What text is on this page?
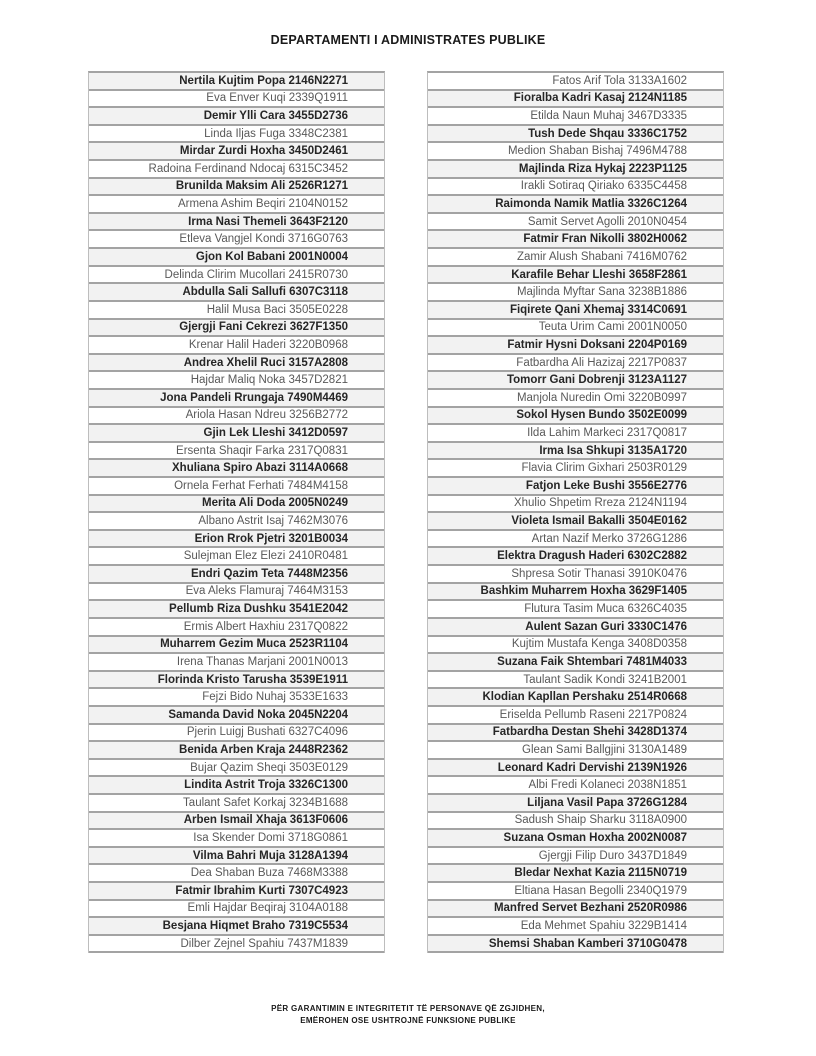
DEPARTAMENTI I ADMINISTRATES PUBLIKE
Nertila Kujtim Popa 2146N2271
Eva Enver Kuqi 2339Q1911
Demir Ylli Cara 3455D2736
Linda Iljas Fuga 3348C2381
Mirdar Zurdi Hoxha 3450D2461
Radoina Ferdinand Ndocaj 6315C3452
Brunilda Maksim Ali 2526R1271
Armena Ashim Beqiri 2104N0152
Irma Nasi Themeli 3643F2120
Etleva Vangjel Kondi 3716G0763
Gjon Kol Babani 2001N0004
Delinda Clirim Mucollari 2415R0730
Abdulla Sali Sallufi 6307C3118
Halil Musa Baci 3505E0228
Gjergji Fani Cekrezi 3627F1350
Krenar Halil Haderi 3220B0968
Andrea Xhelil Ruci 3157A2808
Hajdar Maliq Noka 3457D2821
Jona Pandeli Rrungaja 7490M4469
Ariola Hasan Ndreu 3256B2772
Gjin Lek Lleshi 3412D0597
Ersenta Shaqir Farka 2317Q0831
Xhuliana Spiro Abazi 3114A0668
Ornela Ferhat Ferhati 7484M4158
Merita Ali Doda 2005N0249
Albano Astrit Isaj 7462M3076
Erion Rrok Pjetri 3201B0034
Sulejman Elez Elezi 2410R0481
Endri Qazim Teta 7448M2356
Eva Aleks Flamuraj 7464M3153
Pellumb Riza Dushku 3541E2042
Ermis Albert Haxhiu 2317Q0822
Muharrem Gezim Muca 2523R1104
Irena Thanas Marjani 2001N0013
Florinda Kristo Tarusha 3539E1911
Fejzi Bido Nuhaj 3533E1633
Samanda David Noka 2045N2204
Pjerin Luigj Bushati 6327C4096
Benida Arben Kraja 2448R2362
Bujar Qazim Sheqi 3503E0129
Lindita Astrit Troja 3326C1300
Taulant Safet Korkaj 3234B1688
Arben Ismail Xhaja 3613F0606
Isa Skender Domi 3718G0861
Vilma Bahri Muja 3128A1394
Dea Shaban Buza 7468M3388
Fatmir Ibrahim Kurti 7307C4923
Emli Hajdar Beqiraj 3104A0188
Besjana Hiqmet Braho 7319C5534
Dilber Zejnel Spahiu 7437M1839
Fatos Arif Tola 3133A1602
Fioralba Kadri Kasaj 2124N1185
Etilda Naun Muhaj 3467D3335
Tush Dede Shqau 3336C1752
Medion Shaban Bishaj 7496M4788
Majlinda Riza Hykaj 2223P1125
Irakli Sotiraq Qiriako 6335C4458
Raimonda Namik Matlia 3326C1264
Samit Servet Agolli 2010N0454
Fatmir Fran Nikolli 3802H0062
Zamir Alush Shabani 7416M0762
Karafile Behar Lleshi 3658F2861
Majlinda Myftar Sana 3238B1886
Fiqirete Qani Xhemaj 3314C0691
Teuta Urim Cami 2001N0050
Fatmir Hysni Doksani 2204P0169
Fatbardha Ali Hazizaj 2217P0837
Tomorr Gani Dobrenji 3123A1127
Manjola Nuredin Omi 3220B0997
Sokol Hysen Bundo 3502E0099
Ilda Lahim Markeci 2317Q0817
Irma Isa Shkupi 3135A1720
Flavia Clirim Gixhari 2503R0129
Fatjon Leke Bushi 3556E2776
Xhulio Shpetim Rreza 2124N1194
Violeta Ismail Bakalli 3504E0162
Artan Nazif Merko 3726G1286
Elektra Dragush Haderi 6302C2882
Shpresa Sotir Thanasi 3910K0476
Bashkim Muharrem Hoxha 3629F1405
Flutura Tasim Muca 6326C4035
Aulent Sazan Guri 3330C1476
Kujtim Mustafa Kenga 3408D0358
Suzana Faik Shtembari 7481M4033
Taulant Sadik Kondi 3241B2001
Klodian Kapllan Pershaku 2514R0668
Eriselda Pellumb Raseni 2217P0824
Fatbardha Destan Shehi 3428D1374
Glean Sami Ballgjini 3130A1489
Leonard Kadri Dervishi 2139N1926
Albi Fredi Kolaneci 2038N1851
Liljana Vasil Papa 3726G1284
Sadush Shaip Sharku 3118A0900
Suzana Osman Hoxha 2002N0087
Gjergji Filip Duro 3437D1849
Bledar Nexhat Kazia 2115N0719
Eltiana Hasan Begolli 2340Q1979
Manfred Servet Bezhani 2520R0986
Eda Mehmet Spahiu 3229B1414
Shemsi Shaban Kamberi 3710G0478
PËR GARANTIMIN E INTEGRITETIT TË PERSONAVE QË ZGJIDHEN,
EMËROHEN OSE USHTROJNË FUNKSIONE PUBLIKE
